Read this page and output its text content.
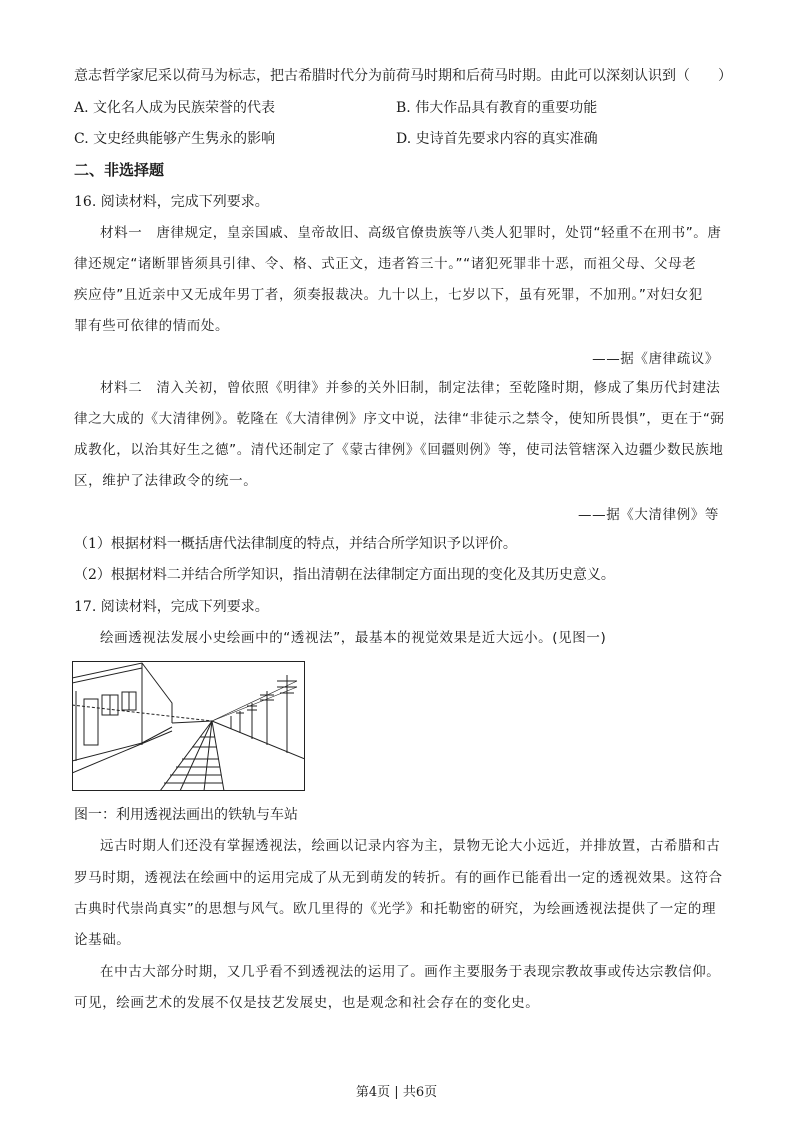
意志哲学家尼采以荷马为标志，把古希腊时代分为前荷马时期和后荷马时期。由此可以深刻认识到（　　）
A. 文化名人成为民族荣誉的代表	B. 伟大作品具有教育的重要功能
C. 文史经典能够产生隽永的影响	D. 史诗首先要求内容的真实准确
二、非选择题
16. 阅读材料，完成下列要求。
材料一　唐律规定，皇亲国戚、皇帝故旧、高级官僚贵族等八类人犯罪时，处罚“轻重不在刑书”。唐
律还规定“诸断罪皆须具引律、令、格、式正文，违者笞三十。”“诸犯死罪非十恶，而祖父母、父母老
疾应侍”且近亲中又无成年男丁者，须奏报裁决。九十以上，七岁以下，虽有死罪，不加刑。”对妇女犯
罪有些可依律的情而处。
——据《唐律疏议》
材料二　清入关初，曾依照《明律》并参的关外旧制，制定法律；至乾隆时期，修成了集历代封建法
律之大成的《大清律例》。乾隆在《大清律例》序文中说，法律“非徒示之禁令，使知所畏惧”，更在于“弼
成教化，以治其好生之德”。清代还制定了《蒙古律例》《回疆则例》等，使司法管辖深入边疆少数民族地
区，维护了法律政令的统一。
——据《大清律例》等
（1）根据材料一概括唐代法律制度的特点，并结合所学知识予以评价。
（2）根据材料二并结合所学知识，指出清朝在法律制定方面出现的变化及其历史意义。
17. 阅读材料，完成下列要求。
绘画透视法发展小史绘画中的“透视法”，最基本的视觉效果是近大远小。(见图一)
图一：利用透视法画出的铁轨与车站
远古时期人们还没有掌握透视法，绘画以记录内容为主，景物无论大小远近，并排放置，古希腊和古
罗马时期，透视法在绘画中的运用完成了从无到萌发的转折。有的画作已能看出一定的透视效果。这符合
古典时代崇尚真实”的思想与风气。欧几里得的《光学》和托勒密的研究，为绘画透视法提供了一定的理
论基础。
在中古大部分时期，又几乎看不到透视法的运用了。画作主要服务于表现宗教故事或传达宗教信仰。
可见，绘画艺术的发展不仅是技艺发展史，也是观念和社会存在的变化史。
第4页 | 共6页
